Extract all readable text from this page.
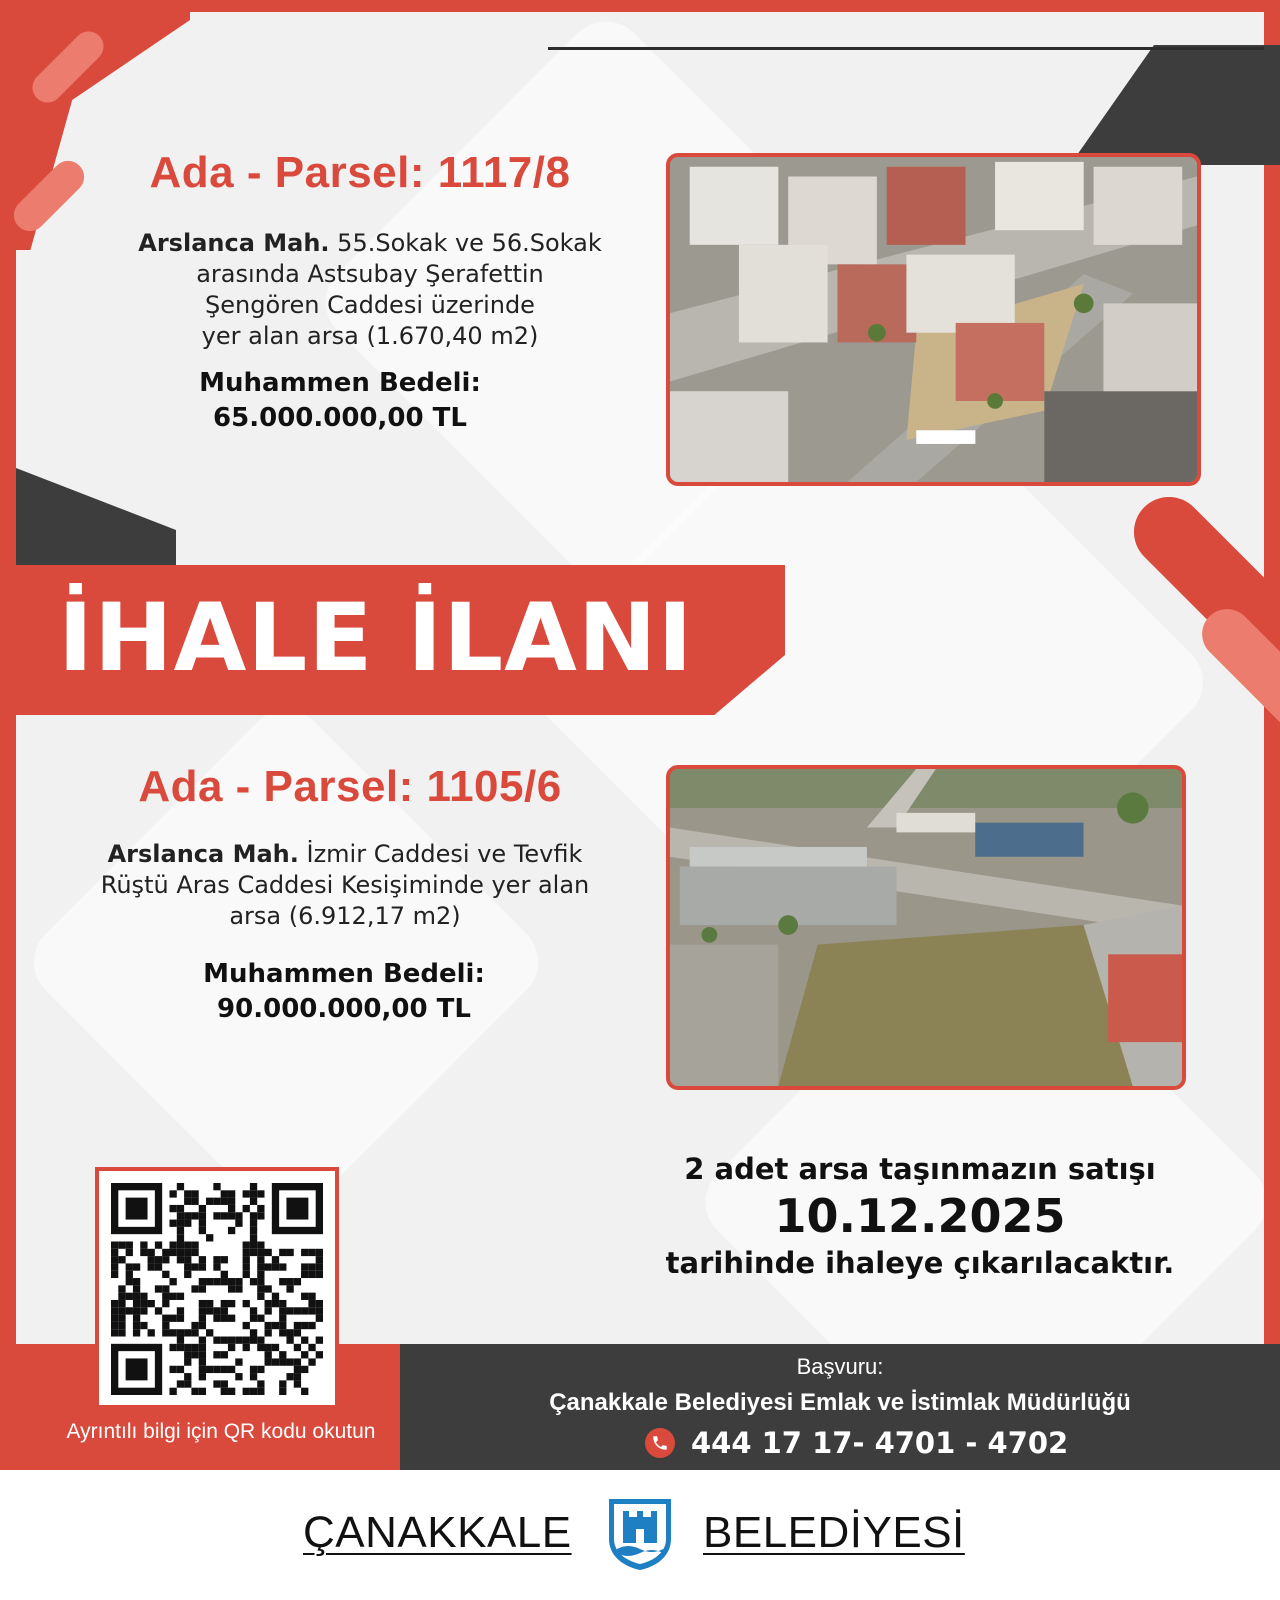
Ada - Parsel: 1117/8

Arslanca Mah. 55.Sokak ve 56.Sokak
arasında Astsubay Şerafettin
Şengören Caddesi üzerinde
yer alan arsa (1.670,40 m2)
Muhammen Bedeli:
65.000.000,00 TL
İHALE İLANI

Ada - Parsel: 1105/6

Arslanca Mah. İzmir Caddesi ve Tevfik
Rüştü Aras Caddesi Kesişiminde yer alan
arsa (6.912,17 m2)
Muhammen Bedeli:
90.000.000,00 TL

2 adet arsa taşınmazın satışı

10.12.2025

tarihinde ihaleye çıkarılacaktır.

Ayrıntılı bilgi için QR kodu okutun

Başvuru:

Çanakkale Belediyesi Emlak ve İstimlak Müdürlüğü

444 17 17- 4701 - 4702

ÇANAKKALE	BELEDİYESİ
